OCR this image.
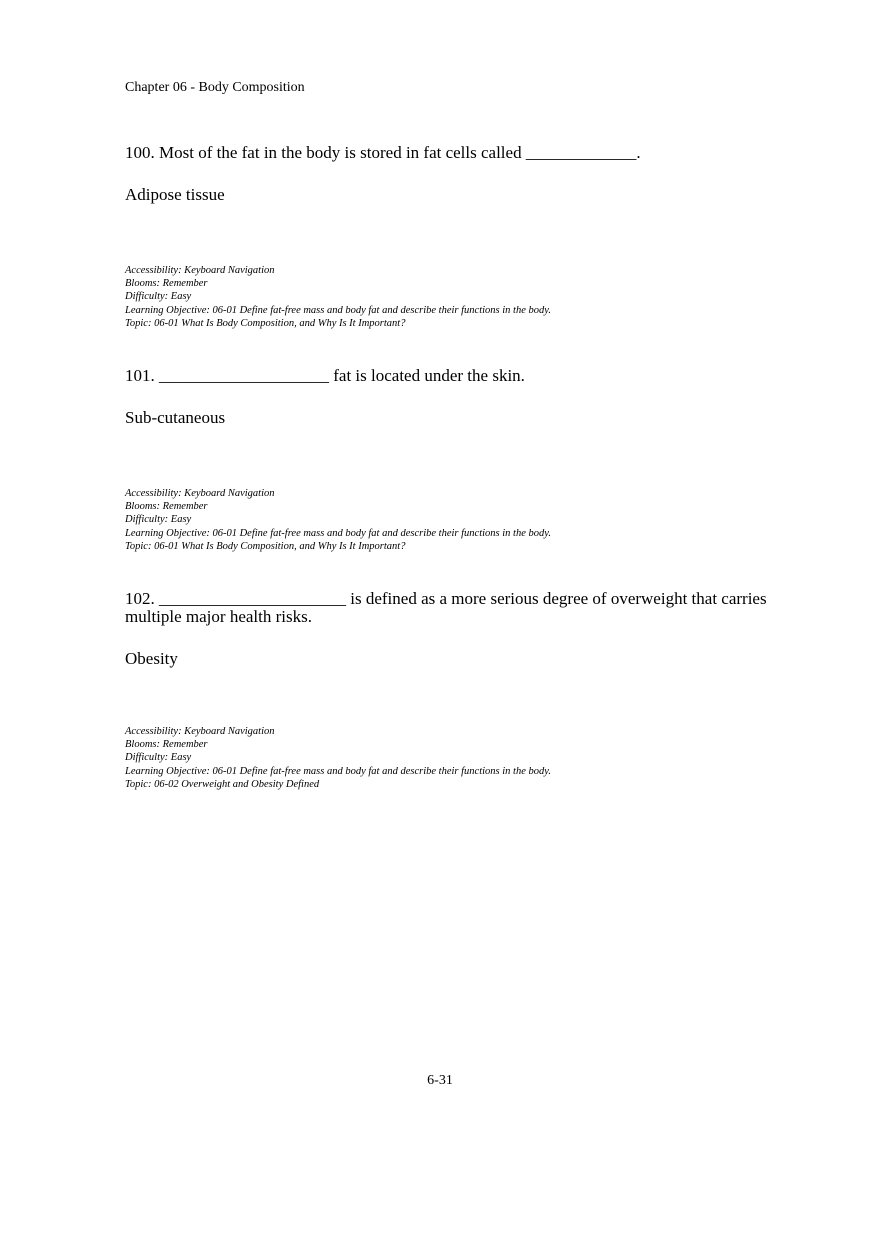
Chapter 06 - Body Composition

100. Most of the fat in the body is stored in fat cells called _____________.

Adipose tissue

Accessibility: Keyboard Navigation
Blooms: Remember
Difficulty: Easy
Learning Objective: 06-01 Define fat-free mass and body fat and describe their functions in the body.
Topic: 06-01 What Is Body Composition, and Why Is It Important?

101. ____________________ fat is located under the skin.

Sub-cutaneous

Accessibility: Keyboard Navigation
Blooms: Remember
Difficulty: Easy
Learning Objective: 06-01 Define fat-free mass and body fat and describe their functions in the body.
Topic: 06-01 What Is Body Composition, and Why Is It Important?

102. ______________________ is defined as a more serious degree of overweight that carries multiple major health risks.

Obesity

Accessibility: Keyboard Navigation
Blooms: Remember
Difficulty: Easy
Learning Objective: 06-01 Define fat-free mass and body fat and describe their functions in the body.
Topic: 06-02 Overweight and Obesity Defined
6-31
